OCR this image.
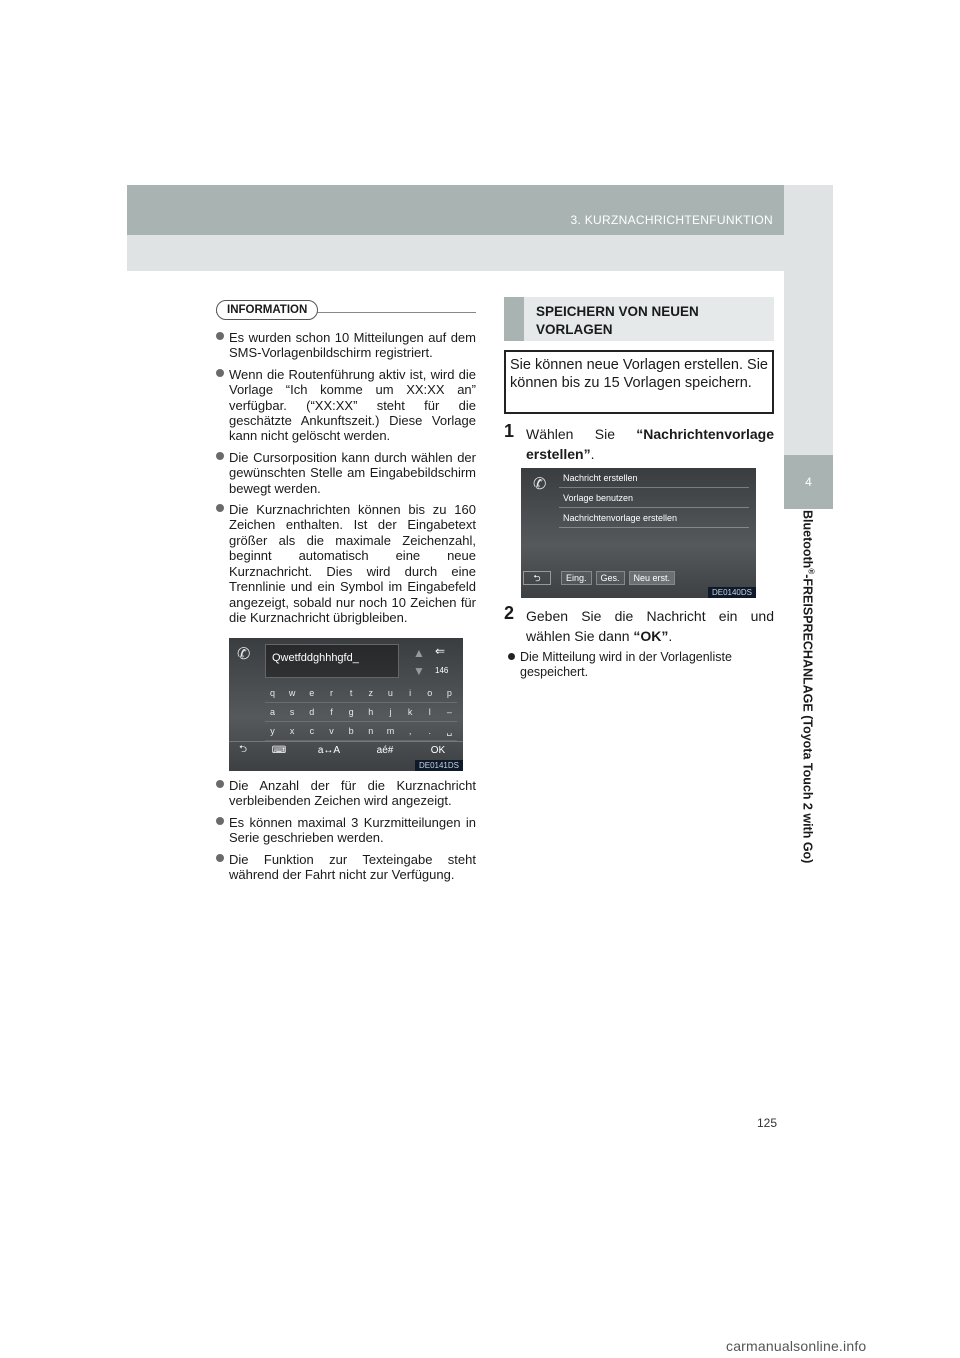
3. KURZNACHRICHTENFUNKTION
4
Bluetooth®-FREISPRECHANLAGE (Toyota Touch 2 with Go)
INFORMATION
Es wurden schon 10 Mitteilungen auf dem SMS-Vorlagenbildschirm registriert.
Wenn die Routenführung aktiv ist, wird die Vorlage “Ich komme um XX:XX an” verfügbar. (“XX:XX” steht für die geschätzte Ankunftszeit.) Diese Vorlage kann nicht gelöscht werden.
Die Cursorposition kann durch wählen der gewünschten Stelle am Eingabebildschirm bewegt werden.
Die Kurznachrichten können bis zu 160 Zeichen enthalten. Ist der Eingabetext größer als die maximale Zeichenzahl, beginnt automatisch eine neue Kurznachricht. Dies wird durch eine Trennlinie und ein Symbol im Eingabefeld angezeigt, sobald nur noch 10 Zeichen für die Kurznachricht übrigbleiben.
✆	Qwetfddghhhgfd_	▲
▼
⇐
146
q	w	e	r	t	z	u	i	o	p
a	s	d	f	g	h	j	k	l	–
y	x	c	v	b	n	m	,	.	␣
⮌	⌨	a↔A	aé#	OK
DE0141DS
Die Anzahl der für die Kurznachricht verbleibenden Zeichen wird angezeigt.
Es können maximal 3 Kurzmitteilungen in Serie geschrieben werden.
Die Funktion zur Texteingabe steht während der Fahrt nicht zur Verfügung.
SPEICHERN VON NEUEN
VORLAGEN
Sie können neue Vorlagen erstellen. Sie können bis zu 15 Vorlagen speichern.
1 Wählen Sie “Nachrichtenvorlage erstellen”.
✆	Nachricht erstellen
Vorlage benutzen
Nachrichtenvorlage erstellen
⮌	Eing.	Ges.	Neu erst.
DE0140DS
2 Geben Sie die Nachricht ein und wählen Sie dann “OK”.
Die Mitteilung wird in der Vorlagenliste gespeichert.
125
carmanualsonline.info
